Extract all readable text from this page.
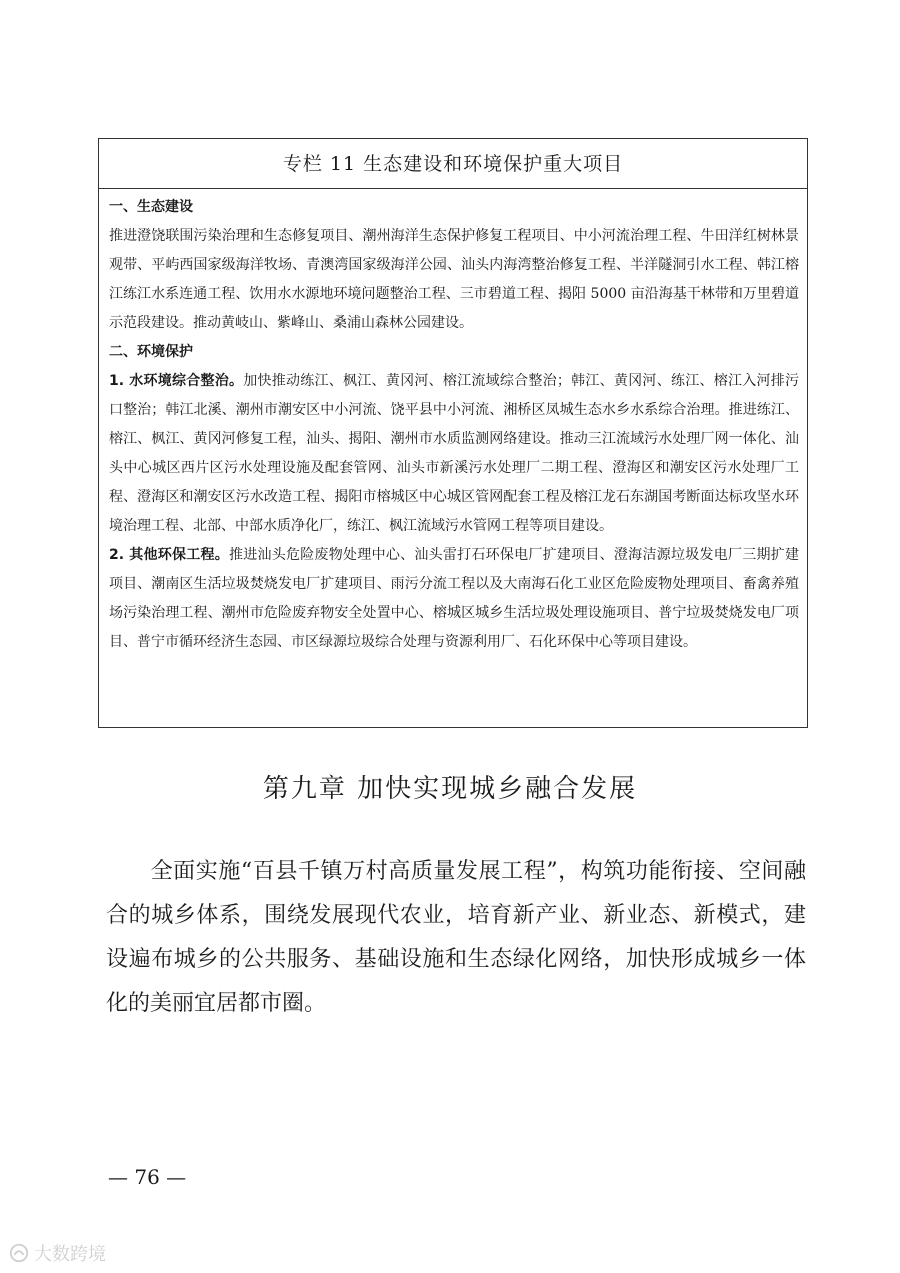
专栏 11 生态建设和环境保护重大项目
一、生态建设

推进澄饶联围污染治理和生态修复项目、潮州海洋生态保护修复工程项目、中小河流治理工程、牛田洋红树林景观带、平屿西国家级海洋牧场、青澳湾国家级海洋公园、汕头内海湾整治修复工程、半洋隧洞引水工程、韩江榕江练江水系连通工程、饮用水水源地环境问题整治工程、三市碧道工程、揭阳 5000 亩沿海基干林带和万里碧道示范段建设。推动黄岐山、紫峰山、桑浦山森林公园建设。

二、环境保护

1. 水环境综合整治。加快推动练江、枫江、黄冈河、榕江流域综合整治；韩江、黄冈河、练江、榕江入河排污口整治；韩江北溪、潮州市潮安区中小河流、饶平县中小河流、湘桥区凤城生态水乡水系综合治理。推进练江、榕江、枫江、黄冈河修复工程，汕头、揭阳、潮州市水质监测网络建设。推动三江流域污水处理厂网一体化、汕头中心城区西片区污水处理设施及配套管网、汕头市新溪污水处理厂二期工程、澄海区和潮安区污水处理厂工程、澄海区和潮安区污水改造工程、揭阳市榕城区中心城区管网配套工程及榕江龙石东湖国考断面达标攻坚水环境治理工程、北部、中部水质净化厂，练江、枫江流域污水管网工程等项目建设。

2. 其他环保工程。推进汕头危险废物处理中心、汕头雷打石环保电厂扩建项目、澄海洁源垃圾发电厂三期扩建项目、潮南区生活垃圾焚烧发电厂扩建项目、雨污分流工程以及大南海石化工业区危险废物处理项目、畜禽养殖场污染治理工程、潮州市危险废弃物安全处置中心、榕城区城乡生活垃圾处理设施项目、普宁垃圾焚烧发电厂项目、普宁市循环经济生态园、市区绿源垃圾综合处理与资源利用厂、石化环保中心等项目建设。

第九章 加快实现城乡融合发展

全面实施“百县千镇万村高质量发展工程”，构筑功能衔接、空间融合的城乡体系，围绕发展现代农业，培育新产业、新业态、新模式，建设遍布城乡的公共服务、基础设施和生态绿化网络，加快形成城乡一体化的美丽宜居都市圈。

— 76 —
大数跨境
